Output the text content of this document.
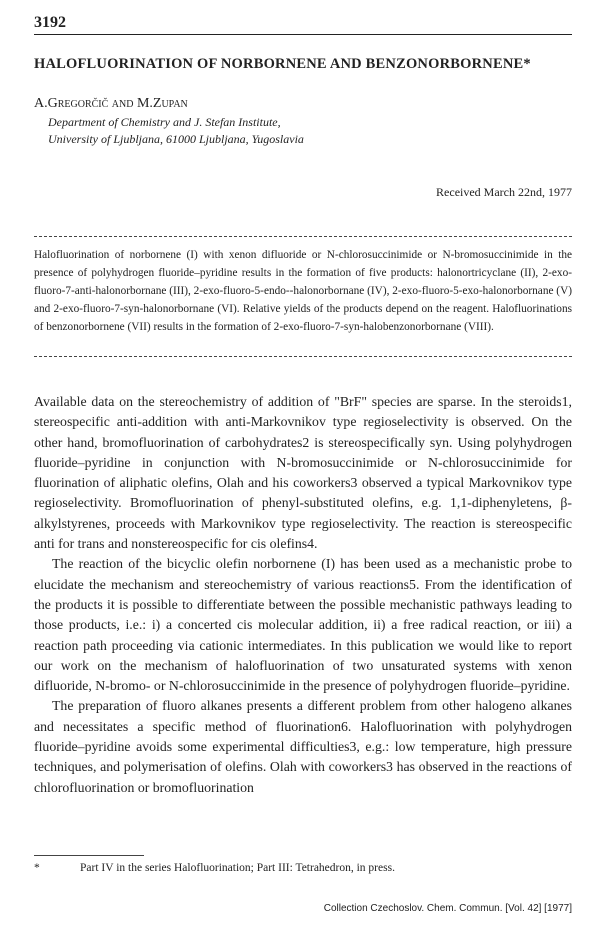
3192
HALOFLUORINATION OF NORBORNENE AND BENZONORBORNENE*
A.Gregorčič and M.Zupan
Department of Chemistry and J. Stefan Institute,
University of Ljubljana, 61000 Ljubljana, Yugoslavia
Received March 22nd, 1977
Halofluorination of norbornene (I) with xenon difluoride or N-chlorosuccinimide or N-bromosuccinimide in the presence of polyhydrogen fluoride–pyridine results in the formation of five products: halonortricyclane (II), 2-exo-fluoro-7-anti-halonorbornane (III), 2-exo-fluoro-5-endo--halonorbornane (IV), 2-exo-fluoro-5-exo-halonorbornane (V) and 2-exo-fluoro-7-syn-halonorbornane (VI). Relative yields of the products depend on the reagent. Halofluorinations of benzonorbornene (VII) results in the formation of 2-exo-fluoro-7-syn-halobenzonorbornane (VIII).

Available data on the stereochemistry of addition of "BrF" species are sparse. In the steroids1, stereospecific anti-addition with anti-Markovnikov type regioselectivity is observed. On the other hand, bromofluorination of carbohydrates2 is stereospecifically syn. Using polyhydrogen fluoride–pyridine in conjunction with N-bromosuccinimide or N-chlorosuccinimide for fluorination of aliphatic olefins, Olah and his coworkers3 observed a typical Markovnikov type regioselectivity. Bromofluorination of phenyl-substituted olefins, e.g. 1,1-diphenyletens, β-alkylstyrenes, proceeds with Markovnikov type regioselectivity. The reaction is stereospecific anti for trans and nonstereospecific for cis olefins4.

The reaction of the bicyclic olefin norbornene (I) has been used as a mechanistic probe to elucidate the mechanism and stereochemistry of various reactions5. From the identification of the products it is possible to differentiate between the possible mechanistic pathways leading to those products, i.e.: i) a concerted cis molecular addition, ii) a free radical reaction, or iii) a reaction path proceeding via cationic intermediates. In this publication we would like to report our work on the mechanism of halofluorination of two unsaturated systems with xenon difluoride, N-bromo- or N-chlorosuccinimide in the presence of polyhydrogen fluoride–pyridine.

The preparation of fluoro alkanes presents a different problem from other halogeno alkanes and necessitates a specific method of fluorination6. Halofluorination with polyhydrogen fluoride–pyridine avoids some experimental difficulties3, e.g.: low temperature, high pressure techniques, and polymerisation of olefins. Olah with coworkers3 has observed in the reactions of chlorofluorination or bromofluorination

*	Part IV in the series Halofluorination; Part III: Tetrahedron, in press.
Collection Czechoslov. Chem. Commun. [Vol. 42] [1977]
